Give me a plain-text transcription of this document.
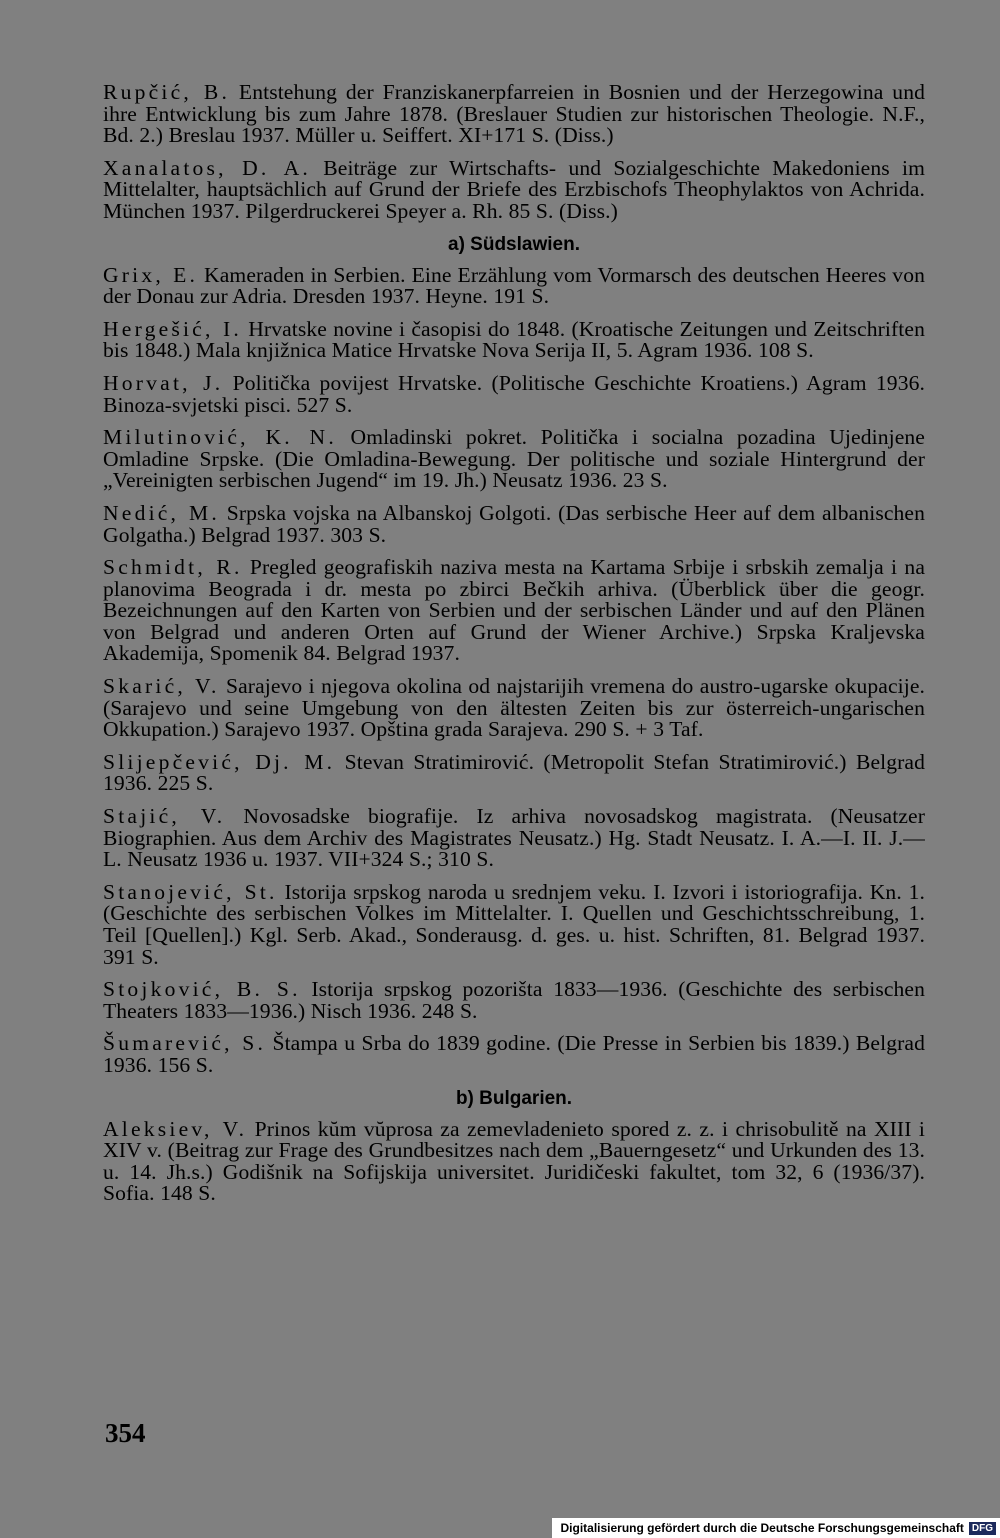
Rupčić, B. Entstehung der Franziskanerpfarreien in Bosnien und der Herzegowina und ihre Entwicklung bis zum Jahre 1878. (Breslauer Studien zur historischen Theologie. N.F., Bd. 2.) Breslau 1937. Müller u. Seiffert. XI+171 S. (Diss.)

Xanalatos, D. A. Beiträge zur Wirtschafts- und Sozialgeschichte Makedoniens im Mittelalter, hauptsächlich auf Grund der Briefe des Erzbischofs Theophylaktos von Achrida. München 1937. Pilgerdruckerei Speyer a. Rh. 85 S. (Diss.)

a) Südslawien.

Grix, E. Kameraden in Serbien. Eine Erzählung vom Vormarsch des deutschen Heeres von der Donau zur Adria. Dresden 1937. Heyne. 191 S.

Hergešić, I. Hrvatske novine i časopisi do 1848. (Kroatische Zeitungen und Zeitschriften bis 1848.) Mala knjižnica Matice Hrvatske Nova Serija II, 5. Agram 1936. 108 S.

Horvat, J. Politička povijest Hrvatske. (Politische Geschichte Kroatiens.) Agram 1936. Binoza-svjetski pisci. 527 S.

Milutinović, K. N. Omladinski pokret. Politička i socialna pozadina Ujedinjene Omladine Srpske. (Die Omladina-Bewegung. Der politische und soziale Hintergrund der „Vereinigten serbischen Jugend“ im 19. Jh.) Neusatz 1936. 23 S.

Nedić, M. Srpska vojska na Albanskoj Golgoti. (Das serbische Heer auf dem albanischen Golgatha.) Belgrad 1937. 303 S.

Schmidt, R. Pregled geografiskih naziva mesta na Kartama Srbije i srbskih zemalja i na planovima Beograda i dr. mesta po zbirci Bečkih arhiva. (Überblick über die geogr. Bezeichnungen auf den Karten von Serbien und der serbischen Länder und auf den Plänen von Belgrad und anderen Orten auf Grund der Wiener Archive.) Srpska Kraljevska Akademija, Spomenik 84. Belgrad 1937.

Skarić, V. Sarajevo i njegova okolina od najstarijih vremena do austro-ugarske okupacije. (Sarajevo und seine Umgebung von den ältesten Zeiten bis zur österreich-ungarischen Okkupation.) Sarajevo 1937. Opština grada Sarajeva. 290 S. + 3 Taf.

Slijepčević, Dj. M. Stevan Stratimirović. (Metropolit Stefan Stratimirović.) Belgrad 1936. 225 S.

Stajić, V. Novosadske biografije. Iz arhiva novosadskog magistrata. (Neusatzer Biographien. Aus dem Archiv des Magistrates Neusatz.) Hg. Stadt Neusatz. I. A.—I. II. J.—L. Neusatz 1936 u. 1937. VII+324 S.; 310 S.

Stanojević, St. Istorija srpskog naroda u srednjem veku. I. Izvori i istoriografija. Kn. 1. (Geschichte des serbischen Volkes im Mittelalter. I. Quellen und Geschichtsschreibung, 1. Teil [Quellen].) Kgl. Serb. Akad., Sonderausg. d. ges. u. hist. Schriften, 81. Belgrad 1937. 391 S.

Stojković, B. S. Istorija srpskog pozorišta 1833—1936. (Geschichte des serbischen Theaters 1833—1936.) Nisch 1936. 248 S.

Šumarević, S. Štampa u Srba do 1839 godine. (Die Presse in Serbien bis 1839.) Belgrad 1936. 156 S.

b) Bulgarien.

Aleksiev, V. Prinos kŭm vŭprosa za zemevladenieto spored z. z. i chrisobulitě na XIII i XIV v. (Beitrag zur Frage des Grundbesitzes nach dem „Bauerngesetz“ und Urkunden des 13. u. 14. Jh.s.) Godišnik na Sofijskija universitet. Juridičeski fakultet, tom 32, 6 (1936/37). Sofia. 148 S.

354
Digitalisierung gefördert durch die Deutsche Forschungsgemeinschaft DFG
